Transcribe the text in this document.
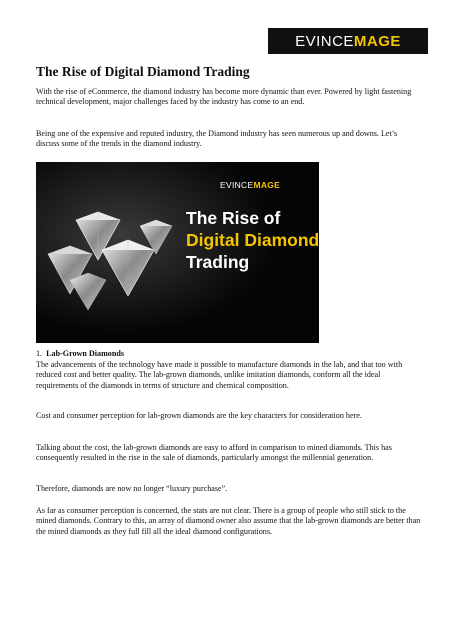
EVINCE MAGE
The Rise of Digital Diamond Trading

With the rise of eCommerce, the diamond industry has become more dynamic than ever. Powered by light fastening technical development, major challenges faced by the industry has come to an end.

Being one of the expensive and reputed industry, the Diamond industry has seen numerous up and downs. Let’s discuss some of the trends in the diamond industry.

EVINCEMAGE

The Rise of

Digital Diamond

Trading

1. Lab-Grown Diamonds

The advancements of the technology have made it possible to manufacture diamonds in the lab, and that too with reduced cost and better quality. The lab-grown diamonds, unlike imitation diamonds, conform all the ideal requirements of the diamonds in terms of structure and chemical composition.

Cost and consumer perception for lab-grown diamonds are the key characters for consideration here.

Talking about the cost, the lab-grown diamonds are easy to afford in comparison to mined diamonds. This has consequently resulted in the rise in the sale of diamonds, particularly amongst the millennial generation.

Therefore, diamonds are now no longer “luxury purchase”.

As far as consumer perception is concerned, the stats are not clear. There is a group of people who still stick to the mined diamonds. Contrary to this, an array of diamond owner also assume that the lab-grown diamonds are better than the mined diamonds as they full fill all the ideal diamond configurations.
